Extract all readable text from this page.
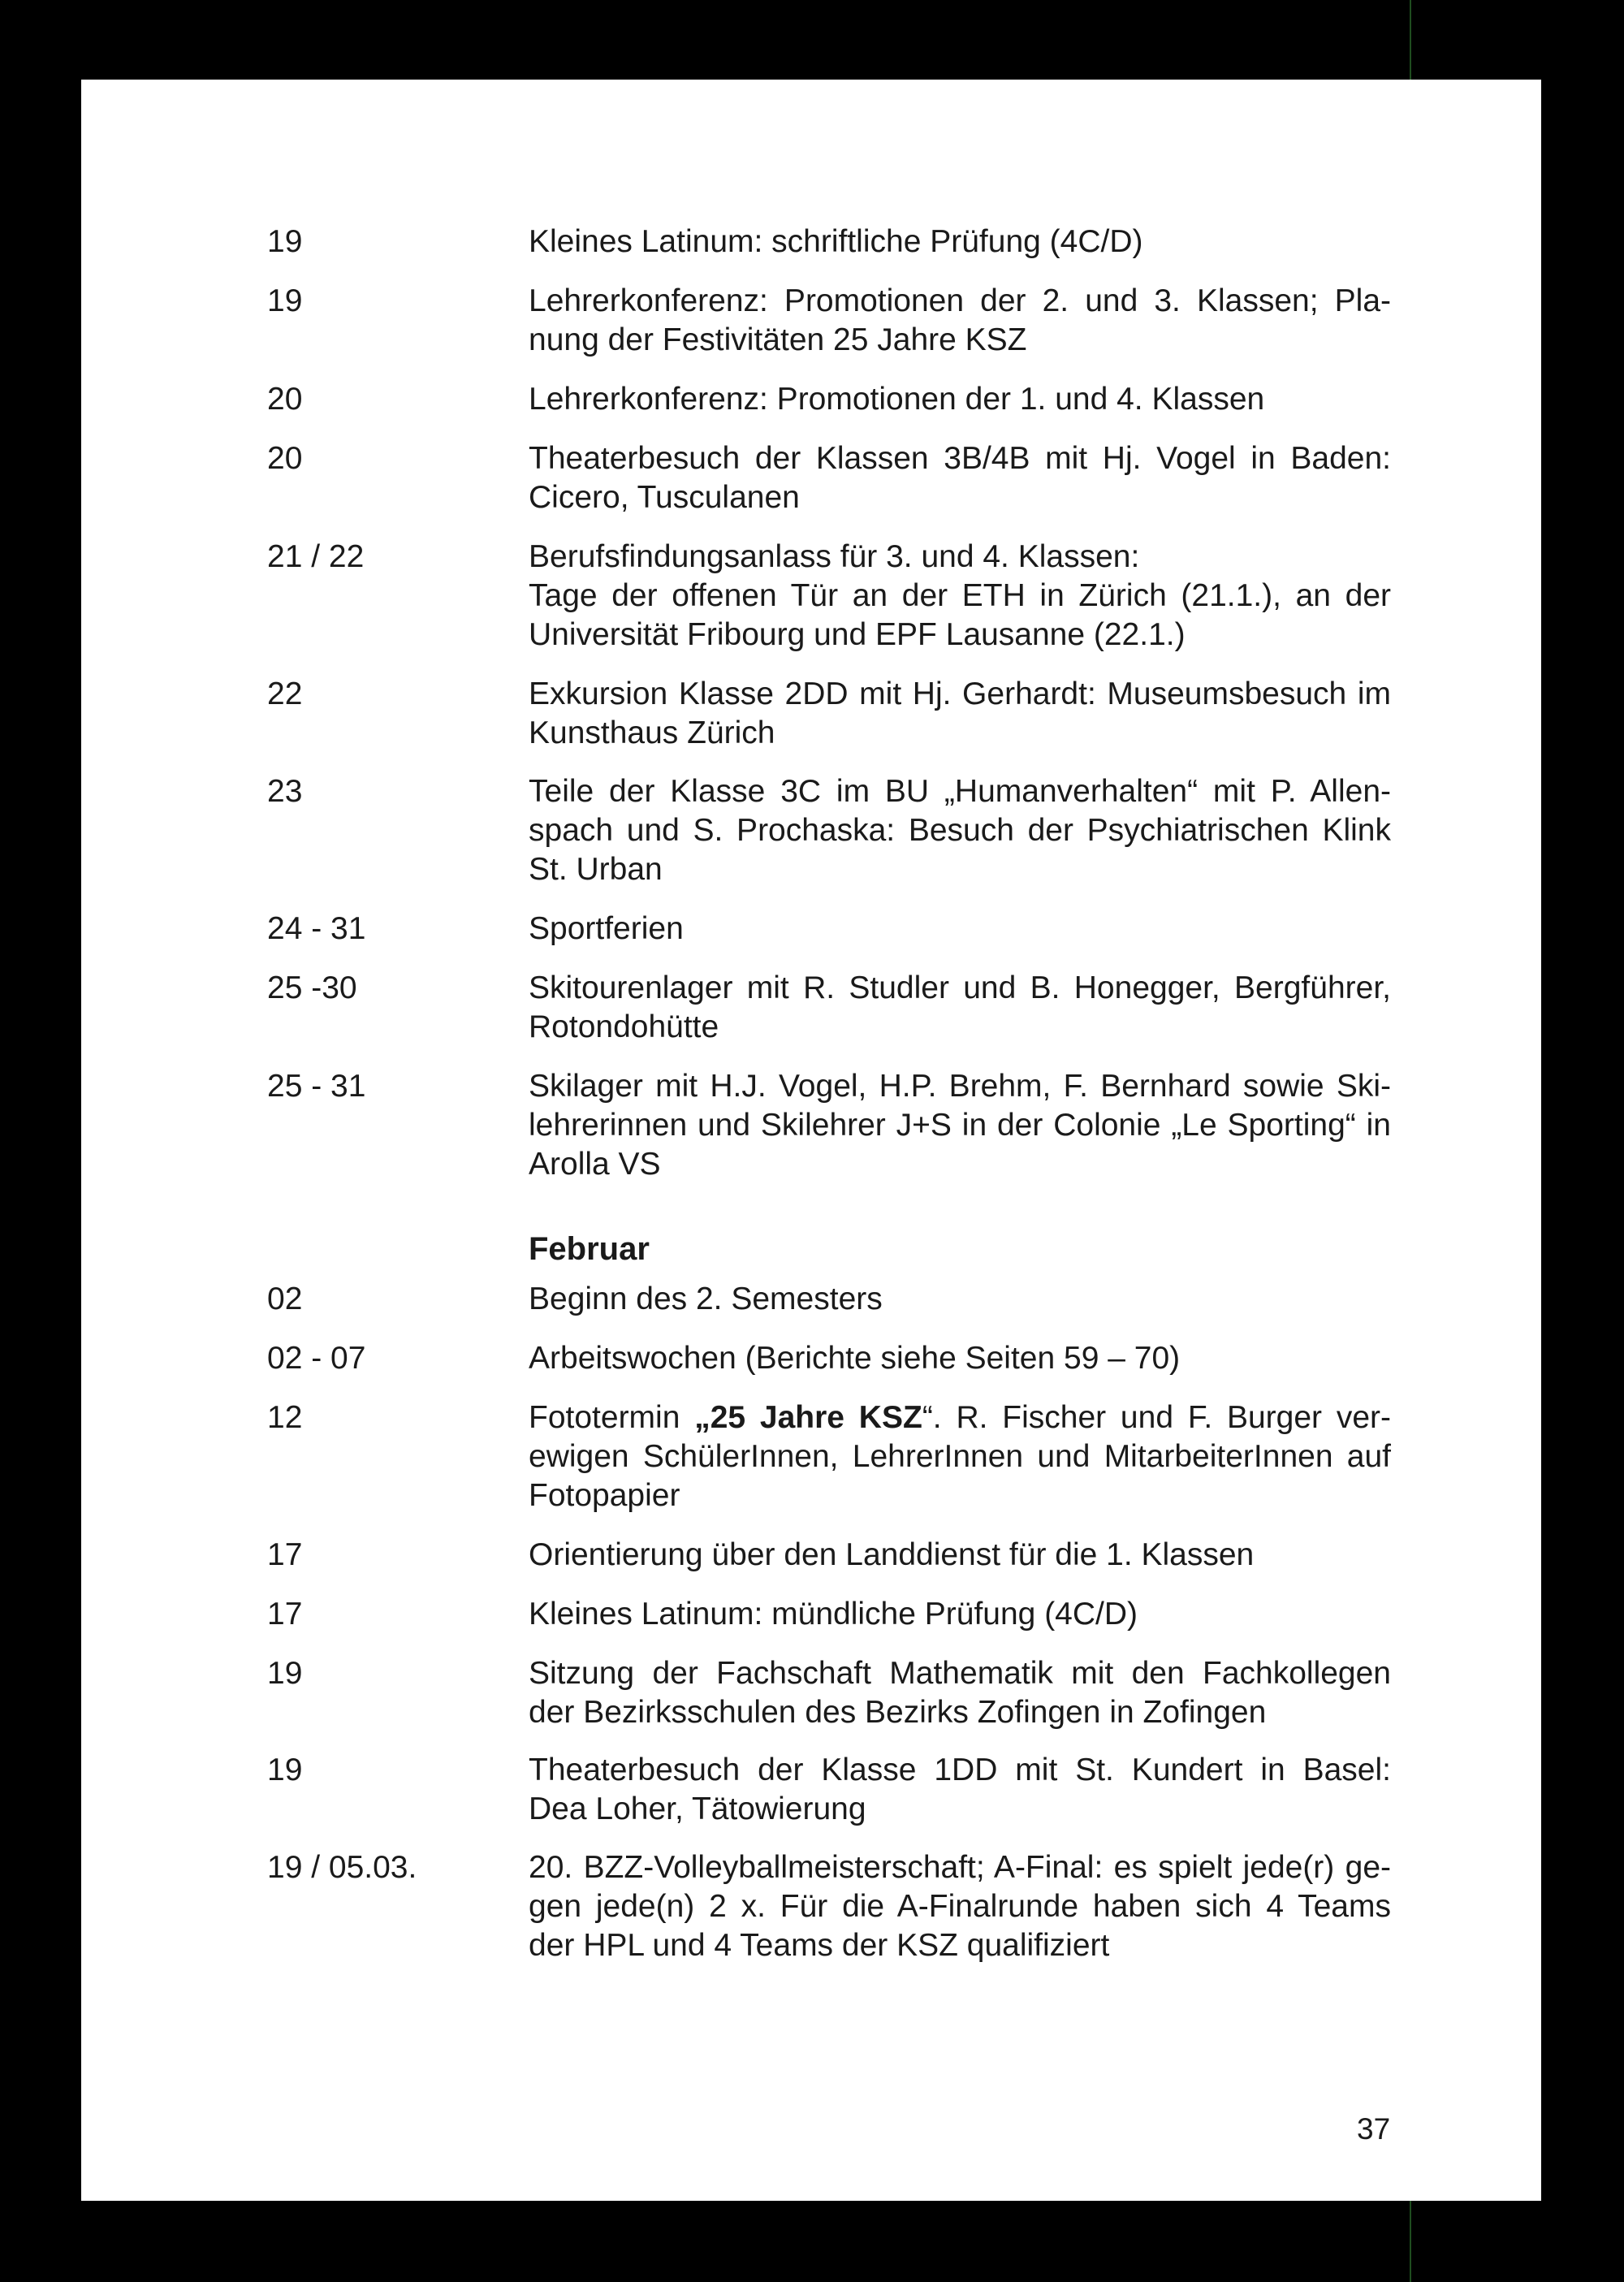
19	Kleines Latinum: schriftliche Prüfung (4C/D)
19	Lehrerkonferenz: Promotionen der 2. und 3. Klassen; Pla-
nung der Festivitäten 25 Jahre KSZ
20	Lehrerkonferenz: Promotionen der 1. und 4. Klassen
20	Theaterbesuch der Klassen 3B/4B mit Hj. Vogel in Baden:
Cicero, Tusculanen
21 / 22	Berufsfindungsanlass für 3. und 4. Klassen:
Tage der offenen Tür an der ETH in Zürich (21.1.), an der
Universität Fribourg und EPF Lausanne (22.1.)
22	Exkursion Klasse 2DD mit Hj. Gerhardt: Museumsbesuch im
Kunsthaus Zürich
23	Teile der Klasse 3C im BU „Humanverhalten“ mit P. Allen-
spach und S. Prochaska: Besuch der Psychiatrischen Klink
St. Urban
24 - 31	Sportferien
25 -30	Skitourenlager mit R. Studler und B. Honegger, Bergführer,
Rotondohütte
25 - 31	Skilager mit H.J. Vogel, H.P. Brehm, F. Bernhard sowie Ski-
lehrerinnen und Skilehrer J+S in der Colonie „Le Sporting“ in
Arolla VS
Februar
02	Beginn des 2. Semesters
02 - 07	Arbeitswochen (Berichte siehe Seiten 59 – 70)
12	Fototermin „25 Jahre KSZ“. R. Fischer und F. Burger ver-
ewigen SchülerInnen, LehrerInnen und MitarbeiterInnen auf
Fotopapier
17	Orientierung über den Landdienst für die 1. Klassen
17	Kleines Latinum: mündliche Prüfung (4C/D)
19	Sitzung der Fachschaft Mathematik mit den Fachkollegen
der Bezirksschulen des Bezirks Zofingen in Zofingen
19	Theaterbesuch der Klasse 1DD mit St. Kundert in Basel:
Dea Loher, Tätowierung
19 / 05.03.	20. BZZ-Volleyballmeisterschaft; A-Final: es spielt jede(r) ge-
gen jede(n) 2 x. Für die A-Finalrunde haben sich 4 Teams
der HPL und 4 Teams der KSZ qualifiziert
37
